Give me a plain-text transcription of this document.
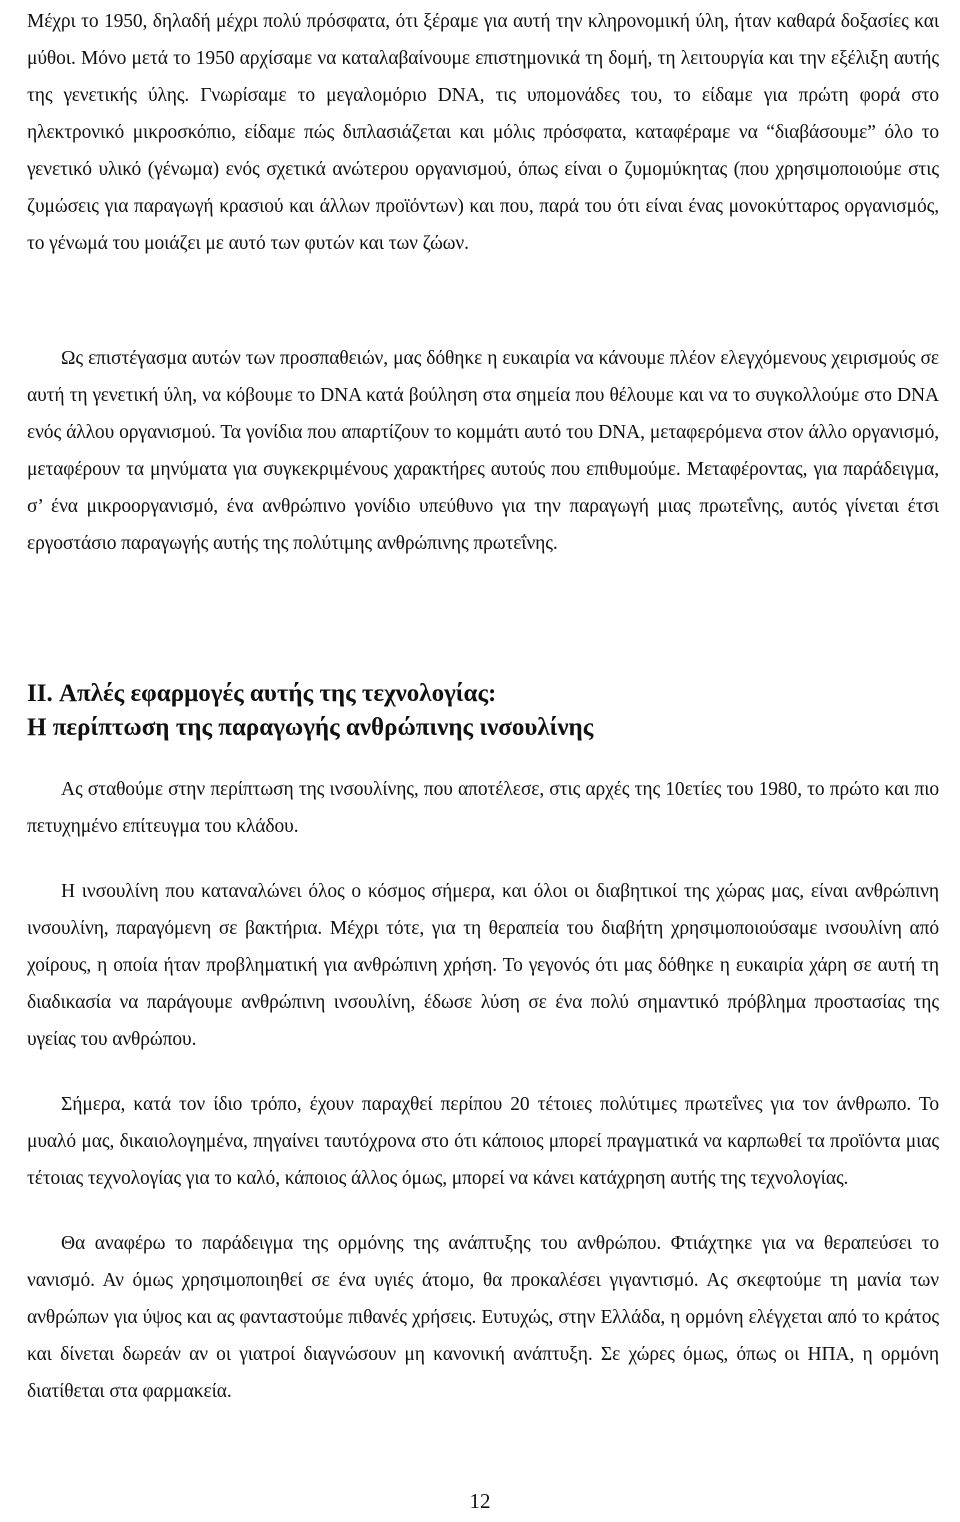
Μέχρι το 1950, δηλαδή μέχρι πολύ πρόσφατα, ότι ξέραμε για αυτή την κληρονομική ύλη, ήταν καθαρά δοξασίες και μύθοι. Μόνο μετά το 1950 αρχίσαμε να καταλαβαίνουμε επιστημονικά τη δομή, τη λειτουργία και την εξέλιξη αυτής της γενετικής ύλης. Γνωρίσαμε το μεγαλομόριο DNA, τις υπομονάδες του, το είδαμε για πρώτη φορά στο ηλεκτρονικό μικροσκόπιο, είδαμε πώς διπλασιάζεται και μόλις πρόσφατα, καταφέραμε να “διαβάσουμε” όλο το γενετικό υλικό (γένωμα) ενός σχετικά ανώτερου οργανισμού, όπως είναι ο ζυμομύκητας (που χρησιμοποιούμε στις ζυμώσεις για παραγωγή κρασιού και άλλων προϊόντων) και που, παρά του ότι είναι ένας μονοκύτταρος οργανισμός, το γένωμά του μοιάζει με αυτό των φυτών και των ζώων.

Ως επιστέγασμα αυτών των προσπαθειών, μας δόθηκε η ευκαιρία να κάνουμε πλέον ελεγχόμενους χειρισμούς σε αυτή τη γενετική ύλη, να κόβουμε το DNA κατά βούληση στα σημεία που θέλουμε και να το συγκολλούμε στο DNA ενός άλλου οργανισμού. Τα γονίδια που απαρτίζουν το κομμάτι αυτό του DNA, μεταφερόμενα στον άλλο οργανισμό, μεταφέρουν τα μηνύματα για συγκεκριμένους χαρακτήρες αυτούς που επιθυμούμε. Μεταφέροντας, για παράδειγμα, σ’ ένα μικροοργανισμό, ένα ανθρώπινο γονίδιο υπεύθυνο για την παραγωγή μιας πρωτεΐνης, αυτός γίνεται έτσι εργοστάσιο παραγωγής αυτής της πολύτιμης ανθρώπινης πρωτεΐνης.

II. Απλές εφαρμογές αυτής της τεχνολογίας:
Η περίπτωση της παραγωγής ανθρώπινης ινσουλίνης

Ας σταθούμε στην περίπτωση της ινσουλίνης, που αποτέλεσε, στις αρχές της 10ετίες του 1980, το πρώτο και πιο πετυχημένο επίτευγμα του κλάδου.

Η ινσουλίνη που καταναλώνει όλος ο κόσμος σήμερα, και όλοι οι διαβητικοί της χώρας μας, είναι ανθρώπινη ινσουλίνη, παραγόμενη σε βακτήρια. Μέχρι τότε, για τη θεραπεία του διαβήτη χρησιμοποιούσαμε ινσουλίνη από χοίρους, η οποία ήταν προβληματική για ανθρώπινη χρήση. Το γεγονός ότι μας δόθηκε η ευκαιρία χάρη σε αυτή τη διαδικασία να παράγουμε ανθρώπινη ινσουλίνη, έδωσε λύση σε ένα πολύ σημαντικό πρόβλημα προστασίας της υγείας του ανθρώπου.

Σήμερα, κατά τον ίδιο τρόπο, έχουν παραχθεί περίπου 20 τέτοιες πολύτιμες πρωτεΐνες για τον άνθρωπο. Το μυαλό μας, δικαιολογημένα, πηγαίνει ταυτόχρονα στο ότι κάποιος μπορεί πραγματικά να καρπωθεί τα προϊόντα μιας τέτοιας τεχνολογίας για το καλό, κάποιος άλλος όμως, μπορεί να κάνει κατάχρηση αυτής της τεχνολογίας.

Θα αναφέρω το παράδειγμα της ορμόνης της ανάπτυξης του ανθρώπου. Φτιάχτηκε για να θεραπεύσει το νανισμό. Αν όμως χρησιμοποιηθεί σε ένα υγιές άτομο, θα προκαλέσει γιγαντισμό. Ας σκεφτούμε τη μανία των ανθρώπων για ύψος και ας φανταστούμε πιθανές χρήσεις. Ευτυχώς, στην Ελλάδα, η ορμόνη ελέγχεται από το κράτος και δίνεται δωρεάν αν οι γιατροί διαγνώσουν μη κανονική ανάπτυξη. Σε χώρες όμως, όπως οι ΗΠΑ, η ορμόνη διατίθεται στα φαρμακεία.

12
